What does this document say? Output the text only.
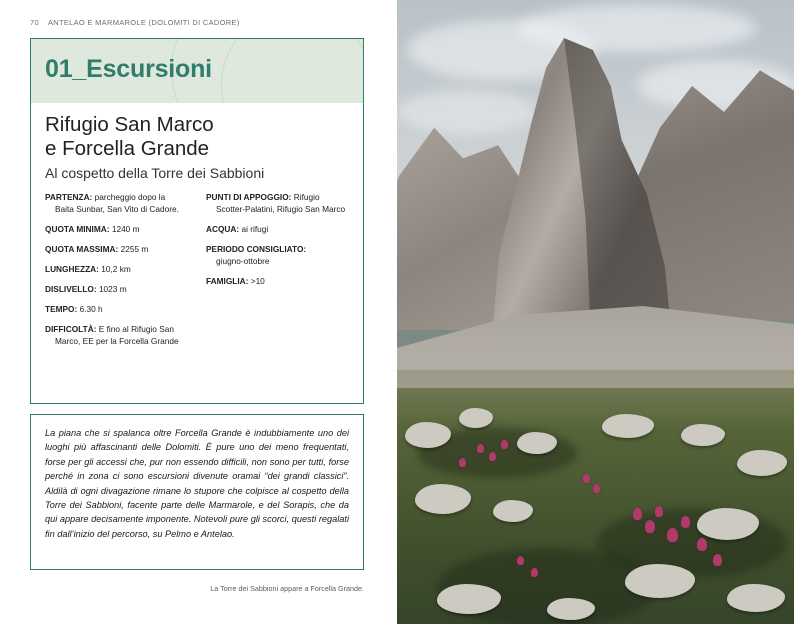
70 ANTELAO E MARMAROLE (DOLOMITI DI CADORE)
01_Escursioni
Rifugio San Marco
e Forcella Grande
Al cospetto della Torre dei Sabbioni
PARTENZA: parcheggio dopo la
Baita Sunbar, San Vito di Cadore.
QUOTA MINIMA: 1240 m
QUOTA MASSIMA: 2255 m
LUNGHEZZA: 10,2 km
DISLIVELLO: 1023 m
TEMPO: 6.30 h
DIFFICOLTÀ: E fino al Rifugio San
Marco, EE per la Forcella Grande
PUNTI DI APPOGGIO: Rifugio
Scotter-Palatini, Rifugio San Marco
ACQUA: ai rifugi
PERIODO CONSIGLIATO:
giugno-ottobre
FAMIGLIA: >10

La piana che si spalanca oltre Forcella Grande è indubbiamente uno dei luoghi più affascinanti delle Dolomiti. È pure uno dei meno frequentati, forse per gli accessi che, pur non essendo difficili, non sono per tutti, forse perché in zona ci sono escursioni divenute oramai “dei grandi classici”. Aldilà di ogni divagazione rimane lo stupore che colpisce al cospetto della Torre dei Sabbioni, facente parte delle Marmarole, e del Sorapis, che da qui appare decisamente imponente. Notevoli pure gli scorci, questi regalati fin dall’inizio del percorso, su Pelmo e Antelao.

La Torre dei Sabbioni appare a Forcella Grande.
